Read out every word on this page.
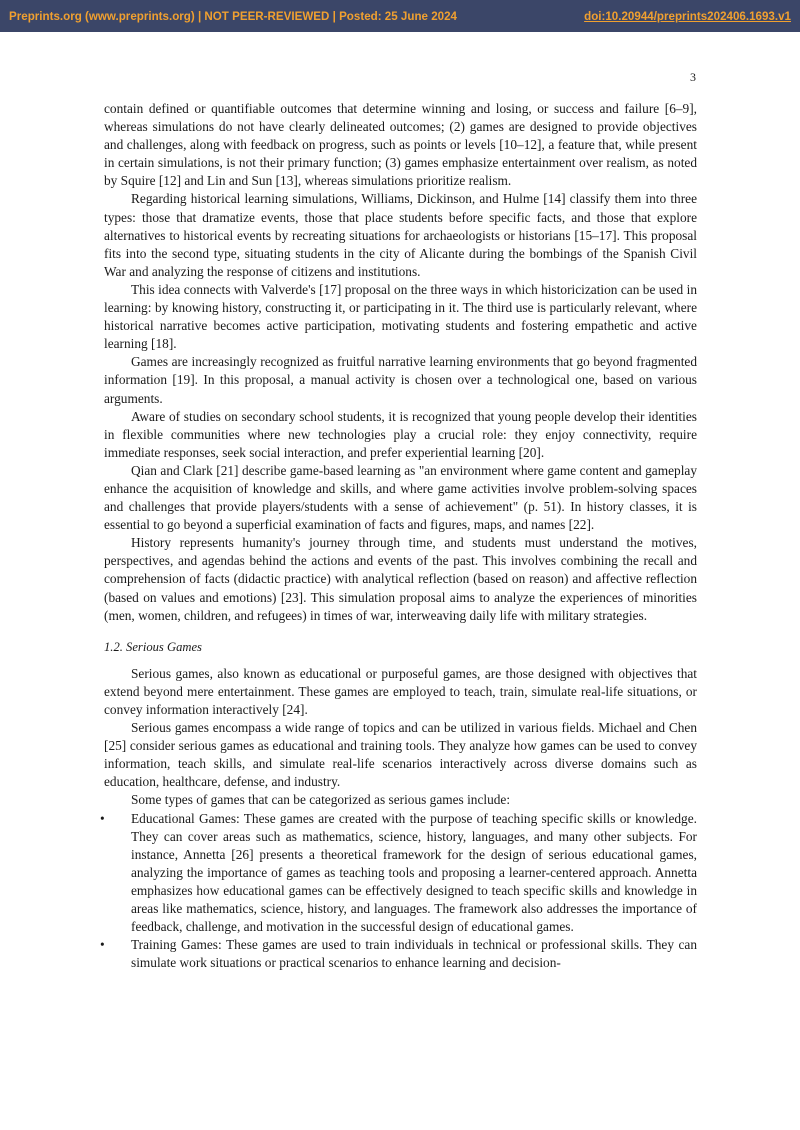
Preprints.org (www.preprints.org) | NOT PEER-REVIEWED | Posted: 25 June 2024	doi:10.20944/preprints202406.1693.v1
3

contain defined or quantifiable outcomes that determine winning and losing, or success and failure [6–9], whereas simulations do not have clearly delineated outcomes; (2) games are designed to provide objectives and challenges, along with feedback on progress, such as points or levels [10–12], a feature that, while present in certain simulations, is not their primary function; (3) games emphasize entertainment over realism, as noted by Squire [12] and Lin and Sun [13], whereas simulations prioritize realism.

Regarding historical learning simulations, Williams, Dickinson, and Hulme [14] classify them into three types: those that dramatize events, those that place students before specific facts, and those that explore alternatives to historical events by recreating situations for archaeologists or historians [15–17]. This proposal fits into the second type, situating students in the city of Alicante during the bombings of the Spanish Civil War and analyzing the response of citizens and institutions.

This idea connects with Valverde's [17] proposal on the three ways in which historicization can be used in learning: by knowing history, constructing it, or participating in it. The third use is particularly relevant, where historical narrative becomes active participation, motivating students and fostering empathetic and active learning [18].

Games are increasingly recognized as fruitful narrative learning environments that go beyond fragmented information [19]. In this proposal, a manual activity is chosen over a technological one, based on various arguments.

Aware of studies on secondary school students, it is recognized that young people develop their identities in flexible communities where new technologies play a crucial role: they enjoy connectivity, require immediate responses, seek social interaction, and prefer experiential learning [20].

Qian and Clark [21] describe game-based learning as "an environment where game content and gameplay enhance the acquisition of knowledge and skills, and where game activities involve problem-solving spaces and challenges that provide players/students with a sense of achievement" (p. 51). In history classes, it is essential to go beyond a superficial examination of facts and figures, maps, and names [22].

History represents humanity's journey through time, and students must understand the motives, perspectives, and agendas behind the actions and events of the past. This involves combining the recall and comprehension of facts (didactic practice) with analytical reflection (based on reason) and affective reflection (based on values and emotions) [23]. This simulation proposal aims to analyze the experiences of minorities (men, women, children, and refugees) in times of war, interweaving daily life with military strategies.

1.2. Serious Games

Serious games, also known as educational or purposeful games, are those designed with objectives that extend beyond mere entertainment. These games are employed to teach, train, simulate real-life situations, or convey information interactively [24].

Serious games encompass a wide range of topics and can be utilized in various fields. Michael and Chen [25] consider serious games as educational and training tools. They analyze how games can be used to convey information, teach skills, and simulate real-life scenarios interactively across diverse domains such as education, healthcare, defense, and industry.

Some types of games that can be categorized as serious games include:

• Educational Games: These games are created with the purpose of teaching specific skills or knowledge. They can cover areas such as mathematics, science, history, languages, and many other subjects. For instance, Annetta [26] presents a theoretical framework for the design of serious educational games, analyzing the importance of games as teaching tools and proposing a learner-centered approach. Annetta emphasizes how educational games can be effectively designed to teach specific skills and knowledge in areas like mathematics, science, history, and languages. The framework also addresses the importance of feedback, challenge, and motivation in the successful design of educational games.
• Training Games: These games are used to train individuals in technical or professional skills. They can simulate work situations or practical scenarios to enhance learning and decision-
